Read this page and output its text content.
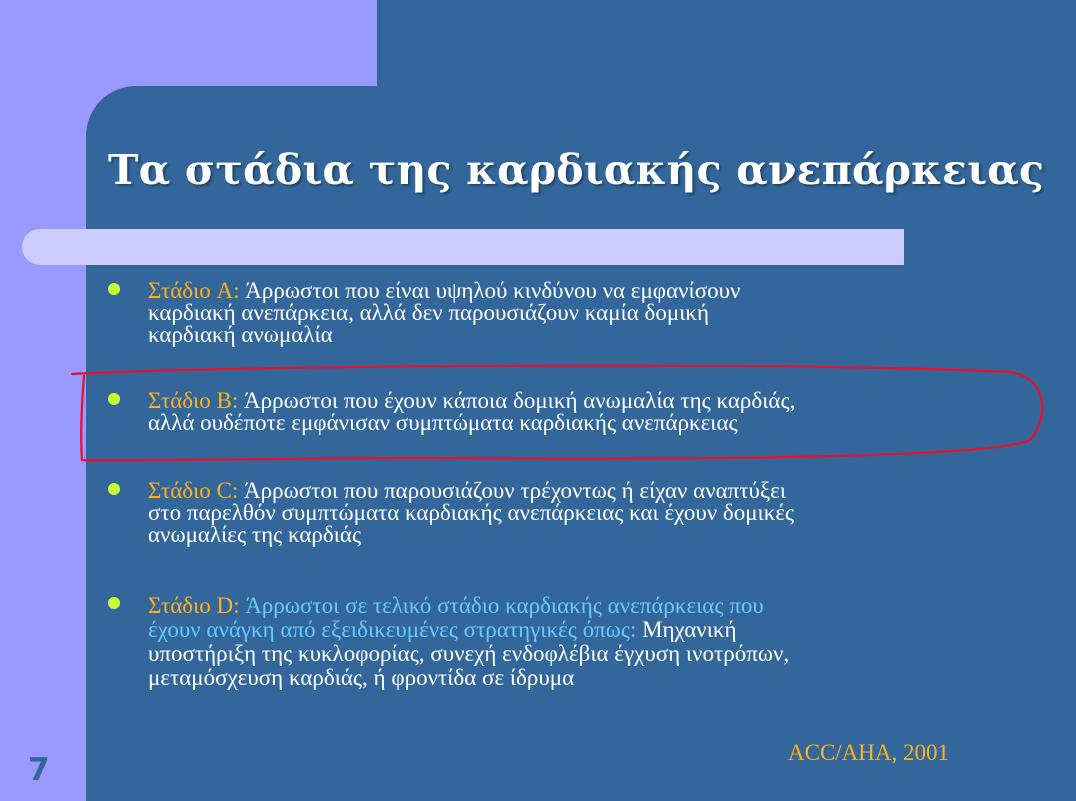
Τα στάδια της καρδιακής ανεπάρκειας
Στάδιο A: Άρρωστοι που είναι υψηλού κινδύνου να εμφανίσουν
καρδιακή ανεπάρκεια, αλλά δεν παρουσιάζουν καμία δομική
καρδιακή ανωμαλία
Στάδιο B: Άρρωστοι που έχουν κάποια δομική ανωμαλία της καρδιάς,
αλλά ουδέποτε εμφάνισαν συμπτώματα καρδιακής ανεπάρκειας
Στάδιο C: Άρρωστοι που παρουσιάζουν τρέχοντως ή είχαν αναπτύξει
στο παρελθόν συμπτώματα καρδιακής ανεπάρκειας και έχουν δομικές
ανωμαλίες της καρδιάς
Στάδιο D: Άρρωστοι σε τελικό στάδιο καρδιακής ανεπάρκειας που
έχουν ανάγκη από εξειδικευμένες στρατηγικές όπως: Μηχανική
υποστήριξη της κυκλοφορίας, συνεχή ενδοφλέβια έγχυση ινοτρόπων,
μεταμόσχευση καρδιάς, ή φροντίδα σε ίδρυμα
7	ACC/AHA, 2001
